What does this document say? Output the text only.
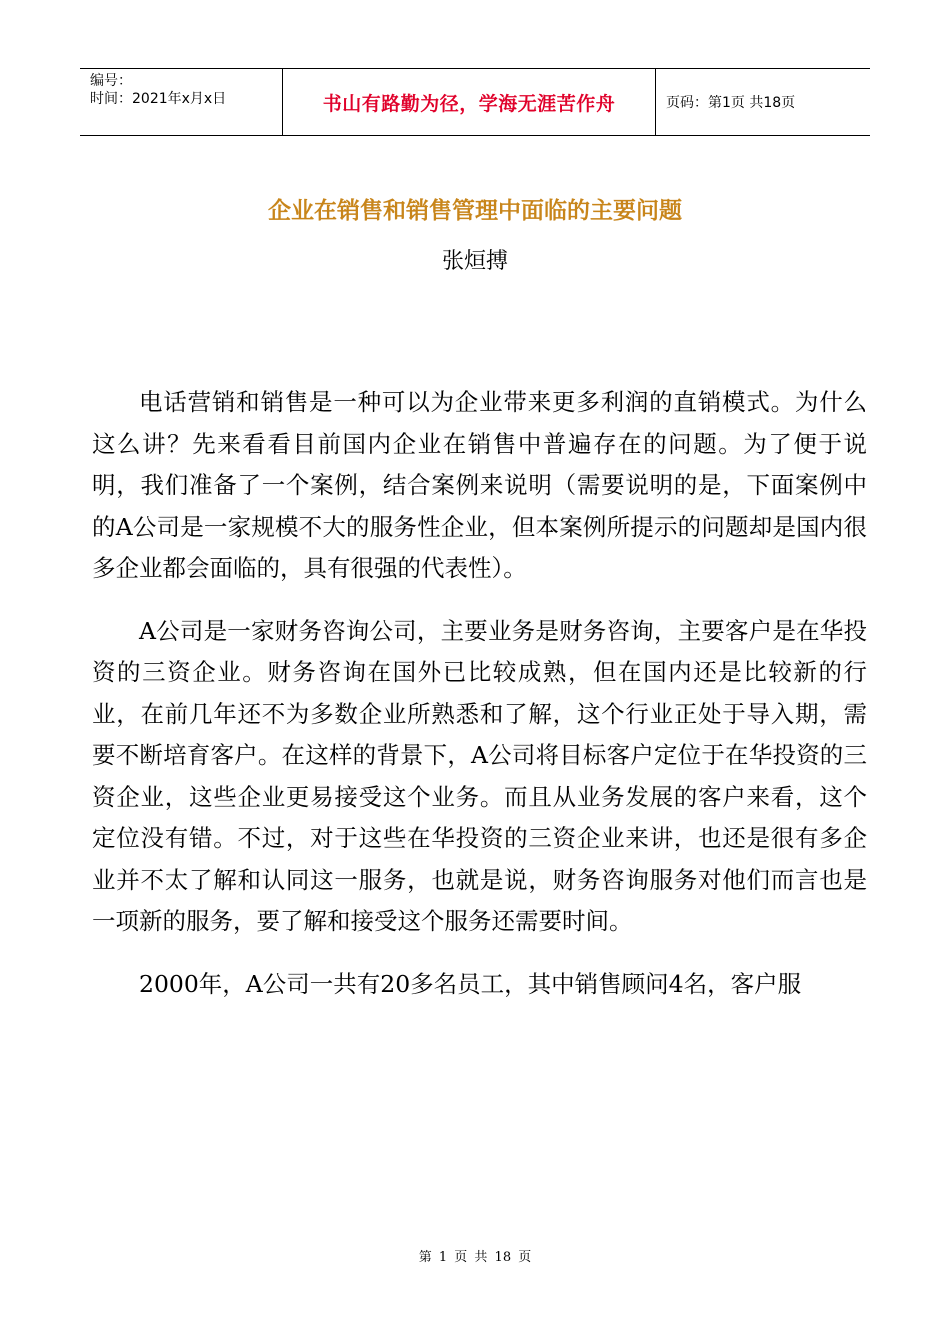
编号：
时间：2021年x月x日	书山有路勤为径，学海无涯苦作舟	页码：第1页 共18页
企业在销售和销售管理中面临的主要问题
张烜搏

电话营销和销售是一种可以为企业带来更多利润的直销模式。为什么这么讲？先来看看目前国内企业在销售中普遍存在的问题。为了便于说明，我们准备了一个案例，结合案例来说明（需要说明的是，下面案例中的A公司是一家规模不大的服务性企业，但本案例所提示的问题却是国内很多企业都会面临的，具有很强的代表性）。

A公司是一家财务咨询公司，主要业务是财务咨询，主要客户是在华投资的三资企业。财务咨询在国外已比较成熟，但在国内还是比较新的行业，在前几年还不为多数企业所熟悉和了解，这个行业正处于导入期，需要不断培育客户。在这样的背景下，A公司将目标客户定位于在华投资的三资企业，这些企业更易接受这个业务。而且从业务发展的客户来看，这个定位没有错。不过，对于这些在华投资的三资企业来讲，也还是很有多企业并不太了解和认同这一服务，也就是说，财务咨询服务对他们而言也是一项新的服务，要了解和接受这个服务还需要时间。

2000年，A公司一共有20多名员工，其中销售顾问4名，客户服

第 1 页 共 18 页
